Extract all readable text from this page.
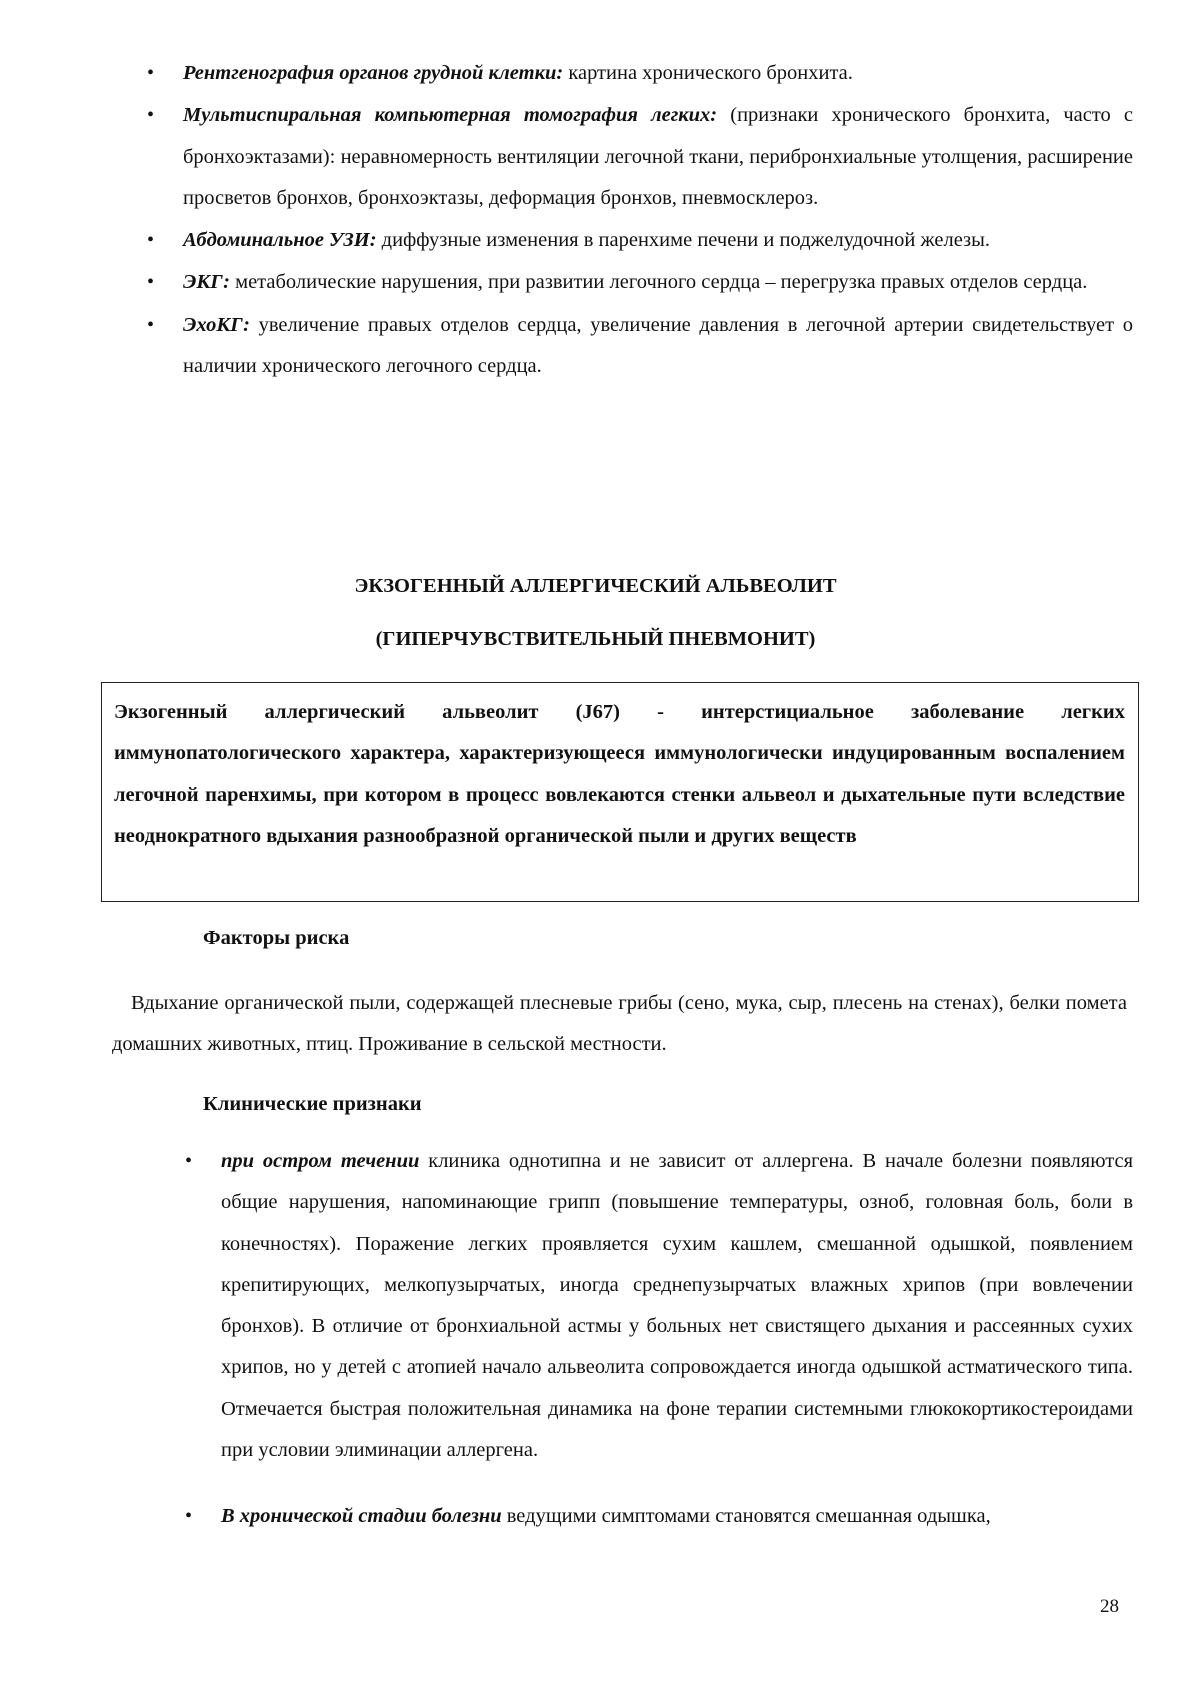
• Рентгенография органов грудной клетки: картина хронического бронхита.
• Мультиспиральная компьютерная томография легких: (признаки хронического бронхита, часто с бронхоэктазами): неравномерность вентиляции легочной ткани, перибронхиальные утолщения, расширение просветов бронхов, бронхоэктазы, деформация бронхов, пневмосклероз.
• Абдоминальное УЗИ: диффузные изменения в паренхиме печени и поджелудочной железы.
• ЭКГ: метаболические нарушения, при развитии легочного сердца – перегрузка правых отделов сердца.
• ЭхоКГ: увеличение правых отделов сердца, увеличение давления в легочной артерии свидетельствует о наличии хронического легочного сердца.
ЭКЗОГЕННЫЙ АЛЛЕРГИЧЕСКИЙ АЛЬВЕОЛИТ
(ГИПЕРЧУВСТВИТЕЛЬНЫЙ ПНЕВМОНИТ)
Экзогенный аллергический альвеолит (J67) - интерстициальное заболевание легких иммунопатологического характера, характеризующееся иммунологически индуцированным воспалением легочной паренхимы, при котором в процесс вовлекаются стенки альвеол и дыхательные пути вследствие неоднократного вдыхания разнообразной органической пыли и других веществ
Факторы риска
Вдыхание органической пыли, содержащей плесневые грибы (сено, мука, сыр, плесень на стенах), белки помета домашних животных, птиц. Проживание в сельской местности.
Клинические признаки
• при остром течении клиника однотипна и не зависит от аллергена. В начале болезни появляются общие нарушения, напоминающие грипп (повышение температуры, озноб, головная боль, боли в конечностях). Поражение легких проявляется сухим кашлем, смешанной одышкой, появлением крепитирующих, мелкопузырчатых, иногда среднепузырчатых влажных хрипов (при вовлечении бронхов). В отличие от бронхиальной астмы у больных нет свистящего дыхания и рассеянных сухих хрипов, но у детей с атопией начало альвеолита сопровождается иногда одышкой астматического типа. Отмечается быстрая положительная динамика на фоне терапии системными глюкокортикостероидами при условии элиминации аллергена.
• В хронической стадии болезни ведущими симптомами становятся смешанная одышка,
28
